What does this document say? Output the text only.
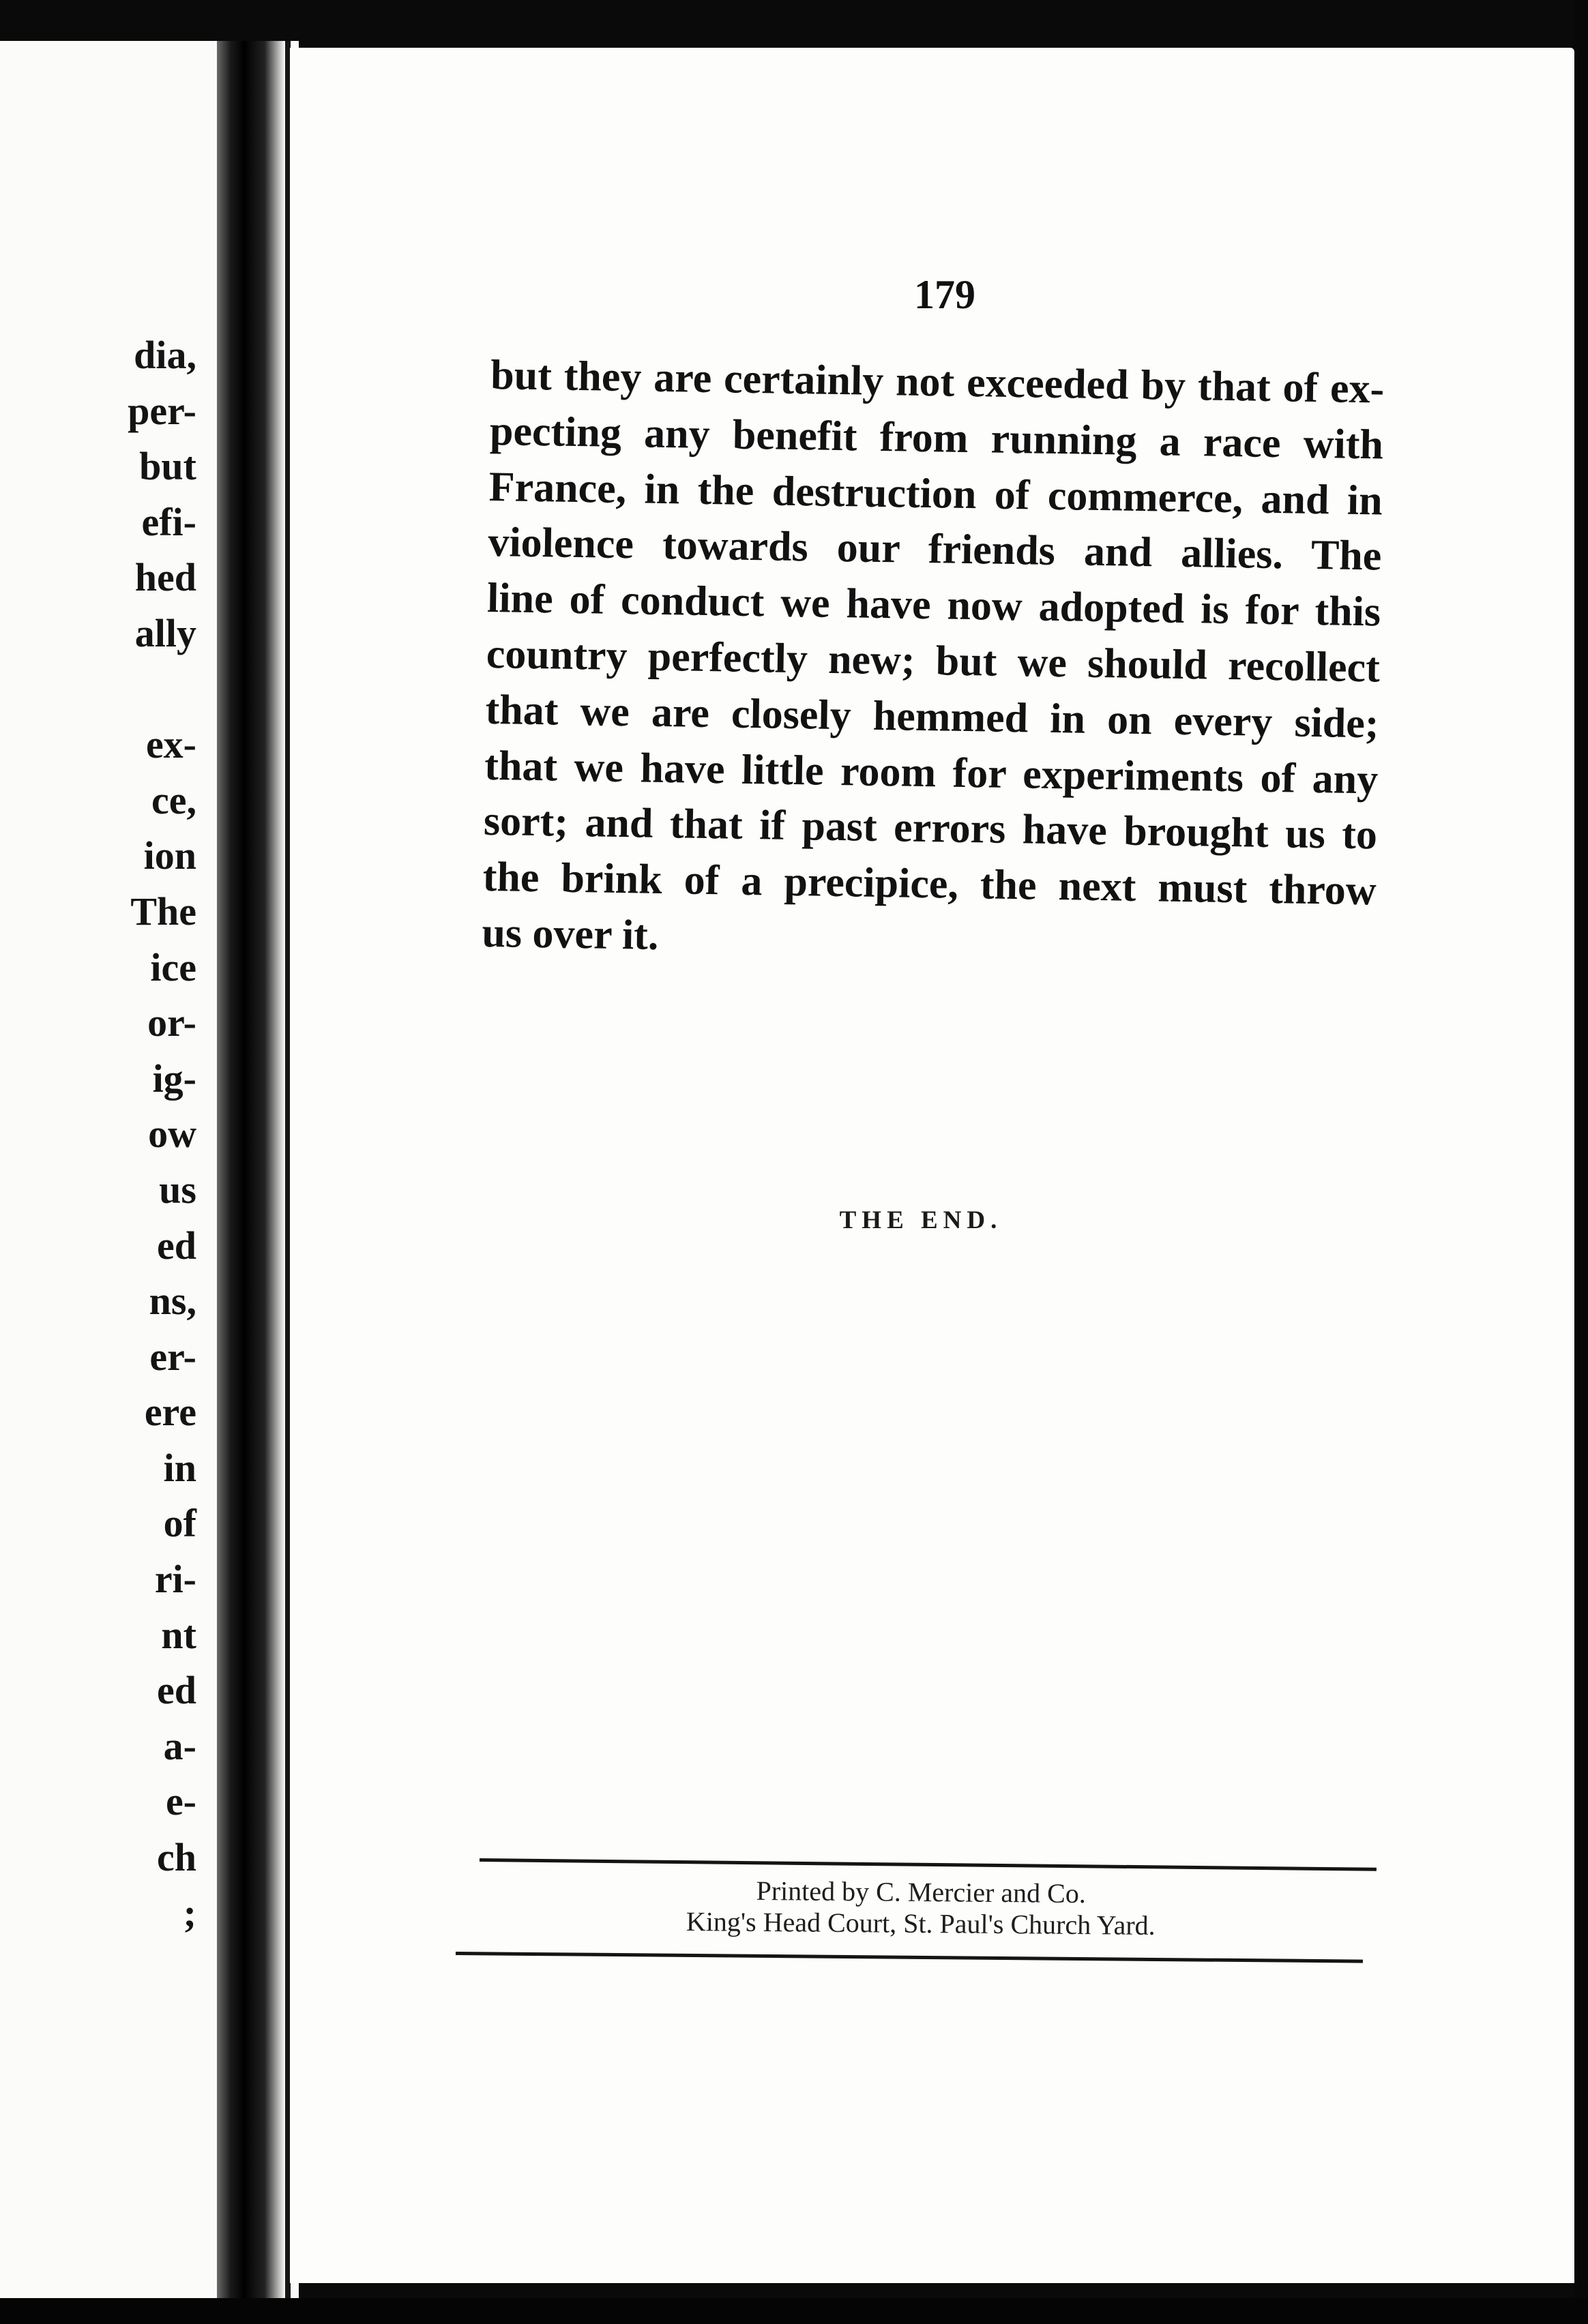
dia,
per-
but
efi-
hed
ally
ex-
ce,
ion
The
ice
or-
ig-
ow
us
ed
ns,
er-
ere
in
of
ri-
nt
ed
a-
e-
ch
;
179
but they are certainly not exceeded by that of ex-
pecting any benefit from running a race with
France, in the destruction of commerce, and in
violence towards our friends and allies. The
line of conduct we have now adopted is for this
country perfectly new; but we should recollect
that we are closely hemmed in on every side;
that we have little room for experiments of any
sort; and that if past errors have brought us to
the brink of a precipice, the next must throw
us over it.
THE END.
Printed by C. Mercier and Co.
King's Head Court, St. Paul's Church Yard.
